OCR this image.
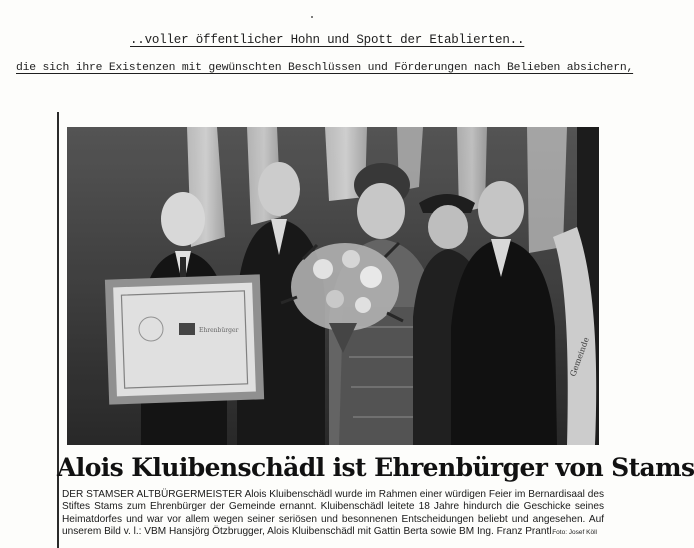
..voller öffentlicher Hohn und Spott der Etablierten..
die sich ihre Existenzen mit gewünschten Beschlüssen und Förderungen nach Belieben absichern,
Ehrenbürger
Gemeinde
Alois Kluibenschädl ist Ehrenbürger von Stams
DER STAMSER ALTBÜRGERMEISTER Alois Kluibenschädl wurde im Rahmen einer würdigen Feier im Bernardisaal des Stiftes Stams zum Ehrenbürger der Gemeinde ernannt. Kluibenschädl leitete 18 Jahre hindurch die Geschicke seines Heimatdorfes und war vor allem wegen seiner seriösen und besonnenen Entscheidungen beliebt und angesehen. Auf unserem Bild v. l.: VBM Hansjörg Ötzbrugger, Alois Kluibenschädl mit Gattin Berta sowie BM Ing. Franz Prantl.
Foto: Josef Köll
